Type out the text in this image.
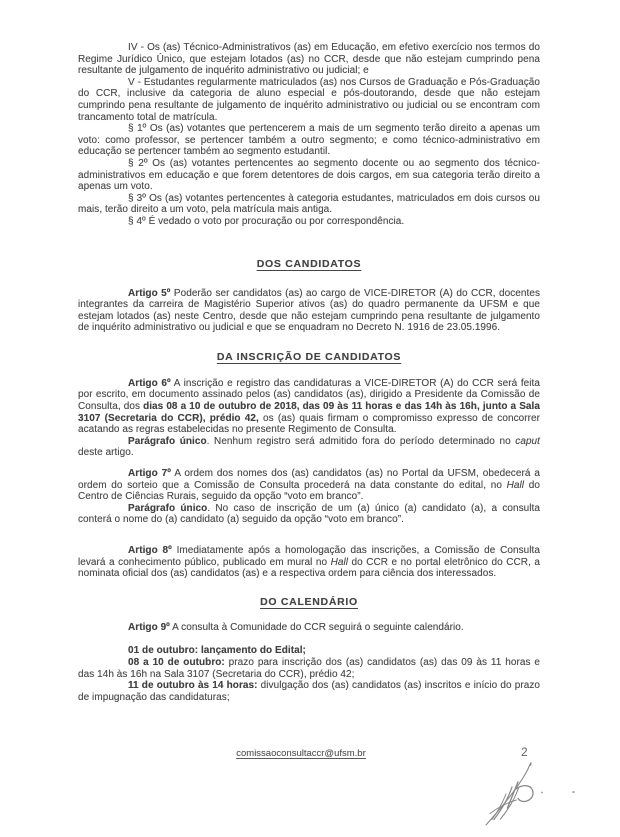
IV - Os (as) Técnico-Administrativos (as) em Educação, em efetivo exercício nos termos do Regime Jurídico Único, que estejam lotados (as) no CCR, desde que não estejam cumprindo pena resultante de julgamento de inquérito administrativo ou judicial; e

V - Estudantes regularmente matriculados (as) nos Cursos de Graduação e Pós-Graduação do CCR, inclusive da categoria de aluno especial e pós-doutorando, desde que não estejam cumprindo pena resultante de julgamento de inquérito administrativo ou judicial ou se encontram com trancamento total de matrícula.

§ 1º Os (as) votantes que pertencerem a mais de um segmento terão direito a apenas um voto: como professor, se pertencer também a outro segmento; e como técnico-administrativo em educação se pertencer também ao segmento estudantil.

§ 2º Os (as) votantes pertencentes ao segmento docente ou ao segmento dos técnico-administrativos em educação e que forem detentores de dois cargos, em sua categoria terão direito a apenas um voto.

§ 3º Os (as) votantes pertencentes à categoria estudantes, matriculados em dois cursos ou mais, terão direito a um voto, pela matrícula mais antiga.

§ 4º É vedado o voto por procuração ou por correspondência.

DOS CANDIDATOS

Artigo 5º Poderão ser candidatos (as) ao cargo de VICE-DIRETOR (A) do CCR, docentes integrantes da carreira de Magistério Superior ativos (as) do quadro permanente da UFSM e que estejam lotados (as) neste Centro, desde que não estejam cumprindo pena resultante de julgamento de inquérito administrativo ou judicial e que se enquadram no Decreto N. 1916 de 23.05.1996.

DA INSCRIÇÃO DE CANDIDATOS

Artigo 6º A inscrição e registro das candidaturas a VICE-DIRETOR (A) do CCR será feita por escrito, em documento assinado pelos (as) candidatos (as), dirigido a Presidente da Comissão de Consulta, dos dias 08 a 10 de outubro de 2018, das 09 às 11 horas e das 14h às 16h, junto a Sala 3107 (Secretaria do CCR), prédio 42, os (as) quais firmam o compromisso expresso de concorrer acatando as regras estabelecidas no presente Regimento de Consulta.

Parágrafo único. Nenhum registro será admitido fora do período determinado no caput deste artigo.

Artigo 7º A ordem dos nomes dos (as) candidatos (as) no Portal da UFSM, obedecerá a ordem do sorteio que a Comissão de Consulta procederá na data constante do edital, no Hall do Centro de Ciências Rurais, seguido da opção “voto em branco”.

Parágrafo único. No caso de inscrição de um (a) único (a) candidato (a), a consulta conterá o nome do (a) candidato (a) seguido da opção “voto em branco”.

Artigo 8º Imediatamente após a homologação das inscrições, a Comissão de Consulta levará a conhecimento público, publicado em mural no Hall do CCR e no portal eletrônico do CCR, a nominata oficial dos (as) candidatos (as) e a respectiva ordem para ciência dos interessados.

DO CALENDÁRIO

Artigo 9º A consulta à Comunidade do CCR seguirá o seguinte calendário.

01 de outubro: lançamento do Edital;

08 a 10 de outubro: prazo para inscrição dos (as) candidatos (as) das 09 às 11 horas e das 14h às 16h na Sala 3107 (Secretaria do CCR), prédio 42;

11 de outubro às 14 horas: divulgação dos (as) candidatos (as) inscritos e início do prazo de impugnação das candidaturas;

comissaoconsultaccr@ufsm.br	2
